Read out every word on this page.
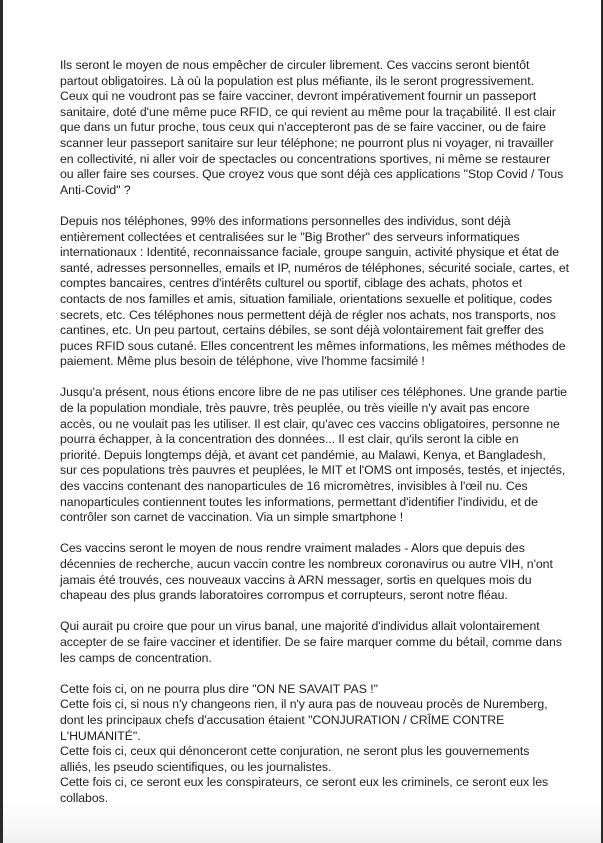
Ils seront le moyen de nous empêcher de circuler librement. Ces vaccins seront bientôt
partout obligatoires. Là où la population est plus méfiante, ils le seront progressivement.
Ceux qui ne voudront pas se faire vacciner, devront impérativement fournir un passeport
sanitaire, doté d'une même puce RFID, ce qui revient au même pour la traçabilité. Il est clair
que dans un futur proche, tous ceux qui n'accepteront pas de se faire vacciner, ou de faire
scanner leur passeport sanitaire sur leur téléphone; ne pourront plus ni voyager, ni travailler
en collectivité, ni aller voir de spectacles ou concentrations sportives, ni même se restaurer
ou aller faire ses courses. Que croyez vous que sont déjà ces applications "Stop Covid / Tous
Anti-Covid" ?

Depuis nos téléphones, 99% des informations personnelles des individus, sont déjà
entièrement collectées et centralisées sur le "Big Brother" des serveurs informatiques
internationaux : Identité, reconnaissance faciale, groupe sanguin, activité physique et état de
santé, adresses personnelles, emails et IP, numéros de téléphones, sécurité sociale, cartes, et
comptes bancaires, centres d'intérêts culturel ou sportif, ciblage des achats, photos et
contacts de nos familles et amis, situation familiale, orientations sexuelle et politique, codes
secrets, etc. Ces téléphones nous permettent déjà de régler nos achats, nos transports, nos
cantines, etc. Un peu partout, certains débiles, se sont déjà volontairement fait greffer des
puces RFID sous cutané. Elles concentrent les mêmes informations, les mêmes méthodes de
paiement. Même plus besoin de téléphone, vive l'homme facsimilé !

Jusqu'a présent, nous étions encore libre de ne pas utiliser ces téléphones. Une grande partie
de la population mondiale, très pauvre, très peuplée, ou très vieille n'y avait pas encore
accès, ou ne voulait pas les utiliser. Il est clair, qu'avec ces vaccins obligatoires, personne ne
pourra échapper, à la concentration des données... Il est clair, qu'ils seront la cible en
priorité. Depuis longtemps déjà, et avant cet pandémie, au Malawi, Kenya, et Bangladesh,
sur ces populations très pauvres et peuplées, le MIT et l'OMS ont imposés, testés, et injectés,
des vaccins contenant des nanoparticules de 16 micromètres, invisibles à l'œil nu. Ces
nanoparticules contiennent toutes les informations, permettant d'identifier l'individu, et de
contrôler son carnet de vaccination. Via un simple smartphone !

Ces vaccins seront le moyen de nous rendre vraiment malades - Alors que depuis des
décennies de recherche, aucun vaccin contre les nombreux coronavirus ou autre VIH, n'ont
jamais été trouvés, ces nouveaux vaccins à ARN messager, sortis en quelques mois du
chapeau des plus grands laboratoires corrompus et corrupteurs, seront notre fléau.

Qui aurait pu croire que pour un virus banal, une majorité d'individus allait volontairement
accepter de se faire vacciner et identifier. De se faire marquer comme du bétail, comme dans
les camps de concentration.

Cette fois ci, on ne pourra plus dire "ON NE SAVAIT PAS !"
Cette fois ci, si nous n'y changeons rien, il n'y aura pas de nouveau procès de Nuremberg,
dont les principaux chefs d'accusation étaient "CONJURATION / CRÎME CONTRE
L'HUMANITÉ".
Cette fois ci, ceux qui dénonceront cette conjuration, ne seront plus les gouvernements
alliés, les pseudo scientifiques, ou les journalistes.
Cette fois ci, ce seront eux les conspirateurs, ce seront eux les criminels, ce seront eux les
collabos.
